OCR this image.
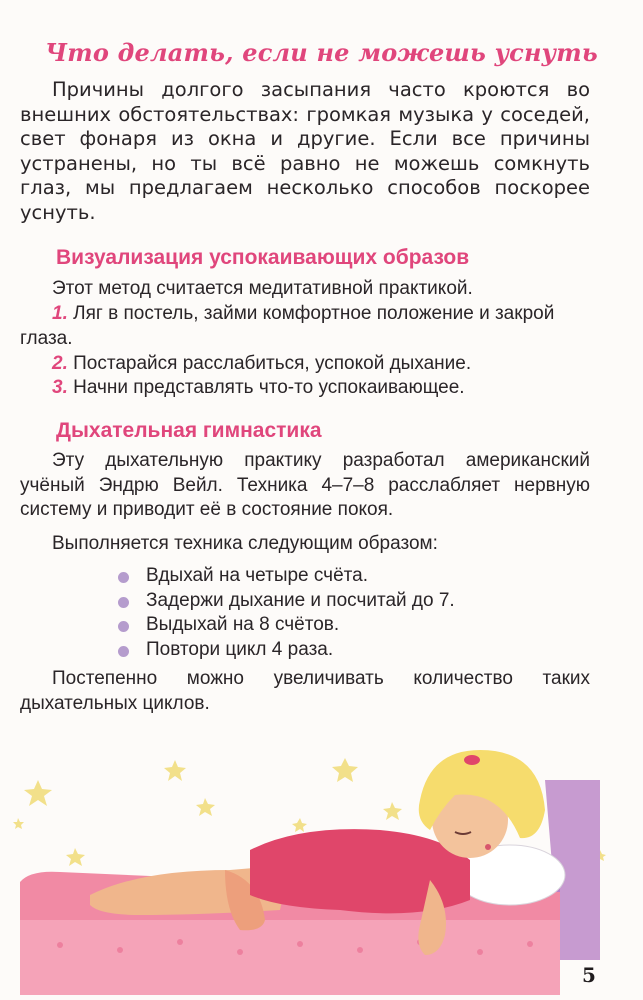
Что делать, если не можешь уснуть

Причины долгого засыпания часто кроются во внешних обстоятельствах: громкая музыка у соседей, свет фонаря из окна и другие. Если все причины устранены, но ты всё равно не можешь сомкнуть глаз, мы предлагаем несколько способов поскорее уснуть.

Визуализация успокаивающих образов

Этот метод считается медитативной практикой.

1. Ляг в постель, займи комфортное положение и закрой глаза.

2. Постарайся расслабиться, успокой дыхание.

3. Начни представлять что-то успокаивающее.

Дыхательная гимнастика

Эту дыхательную практику разработал американский учёный Эндрю Вейл. Техника 4–7–8 расслабляет нервную систему и приводит её в состояние покоя.

Выполняется техника следующим образом:

Вдыхай на четыре счёта.
Задержи дыхание и посчитай до 7.
Выдыхай на 8 счётов.
Повтори цикл 4 раза.

Постепенно можно увеличивать количество таких дыхательных циклов.

5
